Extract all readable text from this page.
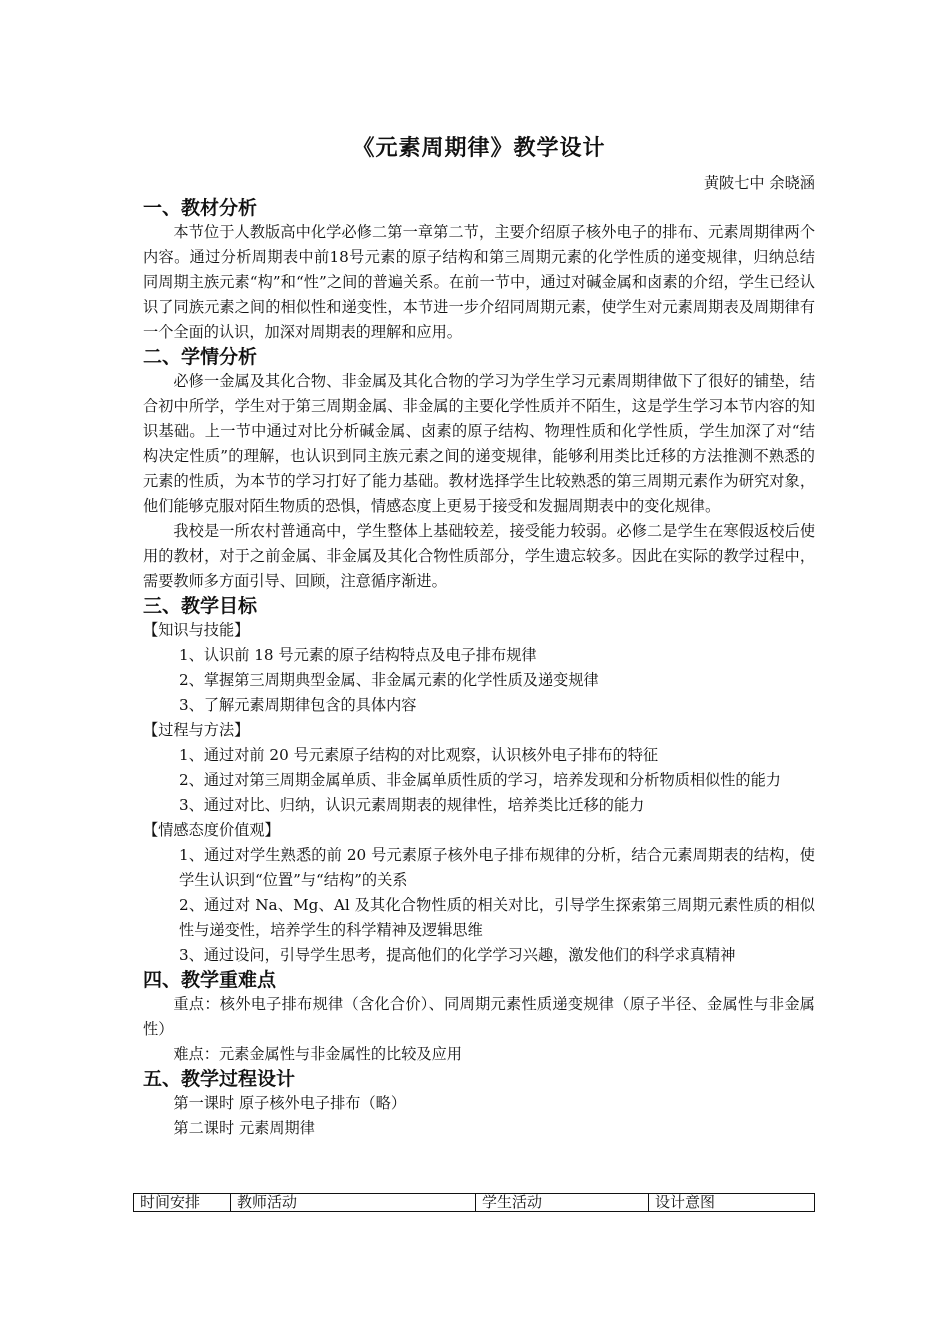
《元素周期律》教学设计

黄陂七中 余晓涵
一、教材分析

本节位于人教版高中化学必修二第一章第二节，主要介绍原子核外电子的排布、元素周期律两个内容。通过分析周期表中前18号元素的原子结构和第三周期元素的化学性质的递变规律，归纳总结同周期主族元素“构”和“性”之间的普遍关系。在前一节中，通过对碱金属和卤素的介绍，学生已经认识了同族元素之间的相似性和递变性，本节进一步介绍同周期元素，使学生对元素周期表及周期律有一个全面的认识，加深对周期表的理解和应用。

二、学情分析

必修一金属及其化合物、非金属及其化合物的学习为学生学习元素周期律做下了很好的铺垫，结合初中所学，学生对于第三周期金属、非金属的主要化学性质并不陌生，这是学生学习本节内容的知识基础。上一节中通过对比分析碱金属、卤素的原子结构、物理性质和化学性质，学生加深了对“结构决定性质”的理解，也认识到同主族元素之间的递变规律，能够利用类比迁移的方法推测不熟悉的元素的性质，为本节的学习打好了能力基础。教材选择学生比较熟悉的第三周期元素作为研究对象，他们能够克服对陌生物质的恐惧，情感态度上更易于接受和发掘周期表中的变化规律。

我校是一所农村普通高中，学生整体上基础较差，接受能力较弱。必修二是学生在寒假返校后使用的教材，对于之前金属、非金属及其化合物性质部分，学生遗忘较多。因此在实际的教学过程中，需要教师多方面引导、回顾，注意循序渐进。

三、教学目标

【知识与技能】

1、认识前 18 号元素的原子结构特点及电子排布规律

2、掌握第三周期典型金属、非金属元素的化学性质及递变规律

3、了解元素周期律包含的具体内容

【过程与方法】

1、通过对前 20 号元素原子结构的对比观察，认识核外电子排布的特征

2、通过对第三周期金属单质、非金属单质性质的学习，培养发现和分析物质相似性的能力

3、通过对比、归纳，认识元素周期表的规律性，培养类比迁移的能力

【情感态度价值观】

1、通过对学生熟悉的前 20 号元素原子核外电子排布规律的分析，结合元素周期表的结构，使学生认识到“位置”与“结构”的关系

2、通过对 Na、Mg、Al 及其化合物性质的相关对比，引导学生探索第三周期元素性质的相似性与递变性，培养学生的科学精神及逻辑思维

3、通过设问，引导学生思考，提高他们的化学学习兴趣，激发他们的科学求真精神

四、教学重难点

重点：核外电子排布规律（含化合价）、同周期元素性质递变规律（原子半径、金属性与非金属性）

难点：元素金属性与非金属性的比较及应用

五、教学过程设计

第一课时 原子核外电子排布（略）

第二课时 元素周期律

时间安排	教师活动	学生活动	设计意图
